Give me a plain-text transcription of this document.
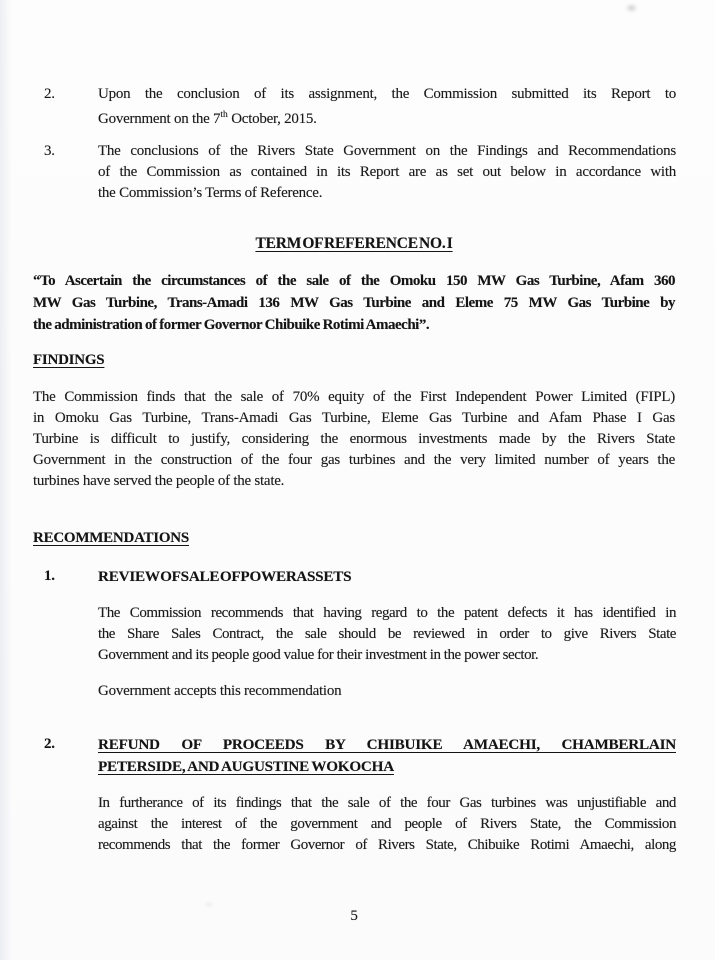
2.	Upon the conclusion of its assignment, the Commission submitted its Report to
Government on the 7th October, 2015.
3.	The conclusions of the Rivers State Government on the Findings and Recommendations
of the Commission as contained in its Report are as set out below in accordance with
the Commission’s Terms of Reference.
TERM OF REFERENCE NO. I
“To Ascertain the circumstances of the sale of the Omoku 150 MW Gas Turbine, Afam 360
MW Gas Turbine, Trans-Amadi 136 MW Gas Turbine and Eleme 75 MW Gas Turbine by
the administration of former Governor Chibuike Rotimi Amaechi”.
FINDINGS
The Commission finds that the sale of 70% equity of the First Independent Power Limited (FIPL)
in Omoku Gas Turbine, Trans-Amadi Gas Turbine, Eleme Gas Turbine and Afam Phase I Gas
Turbine is difficult to justify, considering the enormous investments made by the Rivers State
Government in the construction of the four gas turbines and the very limited number of years the
turbines have served the people of the state.
RECOMMENDATIONS
1.	REVIEW OF SALE OF POWER ASSETS
The Commission recommends that having regard to the patent defects it has identified in
the Share Sales Contract, the sale should be reviewed in order to give Rivers State
Government and its people good value for their investment in the power sector.
Government accepts this recommendation
2.	REFUND OF PROCEEDS BY CHIBUIKE AMAECHI, CHAMBERLAIN
PETERSIDE, AND AUGUSTINE WOKOCHA
In furtherance of its findings that the sale of the four Gas turbines was unjustifiable and
against the interest of the government and people of Rivers State, the Commission
recommends that the former Governor of Rivers State, Chibuike Rotimi Amaechi, along
5
